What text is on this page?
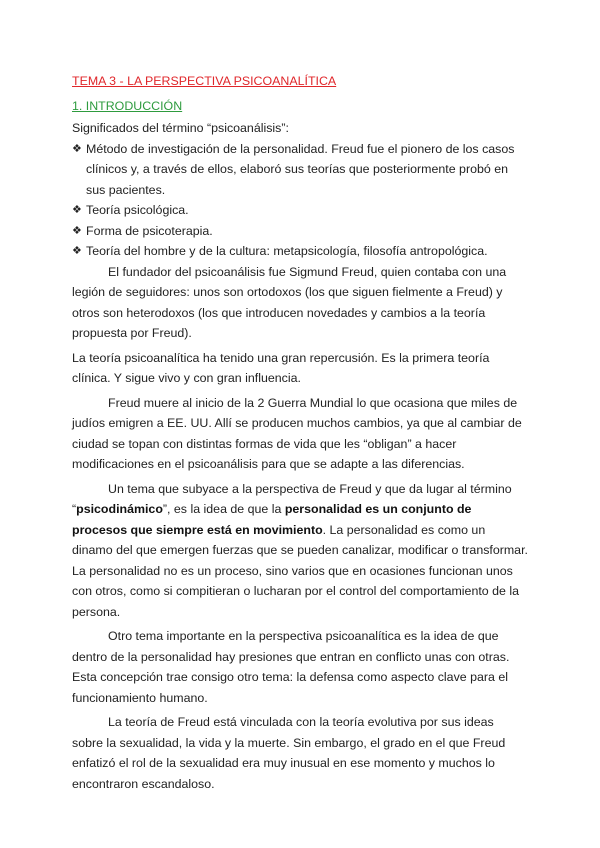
TEMA 3 - LA PERSPECTIVA PSICOANALÍTICA
1. INTRODUCCIÓN

Significados del término “psicoanálisis”:

❖ Método de investigación de la personalidad. Freud fue el pionero de los casos clínicos y, a través de ellos, elaboró sus teorías que posteriormente probó en sus pacientes.
❖ Teoría psicológica.
❖ Forma de psicoterapia.
❖ Teoría del hombre y de la cultura: metapsicología, filosofía antropológica.

El fundador del psicoanálisis fue Sigmund Freud, quien contaba con una legión de seguidores: unos son ortodoxos (los que siguen fielmente a Freud) y otros son heterodoxos (los que introducen novedades y cambios a la teoría propuesta por Freud).

La teoría psicoanalítica ha tenido una gran repercusión. Es la primera teoría clínica. Y sigue vivo y con gran influencia.

Freud muere al inicio de la 2 Guerra Mundial lo que ocasiona que miles de judíos emigren a EE. UU. Allí se producen muchos cambios, ya que al cambiar de ciudad se topan con distintas formas de vida que les “obligan” a hacer modificaciones en el psicoanálisis para que se adapte a las diferencias.

Un tema que subyace a la perspectiva de Freud y que da lugar al término “psicodinámico”, es la idea de que la personalidad es un conjunto de procesos que siempre está en movimiento. La personalidad es como un dinamo del que emergen fuerzas que se pueden canalizar, modificar o transformar. La personalidad no es un proceso, sino varios que en ocasiones funcionan unos con otros, como si compitieran o lucharan por el control del comportamiento de la persona.

Otro tema importante en la perspectiva psicoanalítica es la idea de que dentro de la personalidad hay presiones que entran en conflicto unas con otras. Esta concepción trae consigo otro tema: la defensa como aspecto clave para el funcionamiento humano.

La teoría de Freud está vinculada con la teoría evolutiva por sus ideas sobre la sexualidad, la vida y la muerte. Sin embargo, el grado en el que Freud enfatizó el rol de la sexualidad era muy inusual en ese momento y muchos lo encontraron escandaloso.
